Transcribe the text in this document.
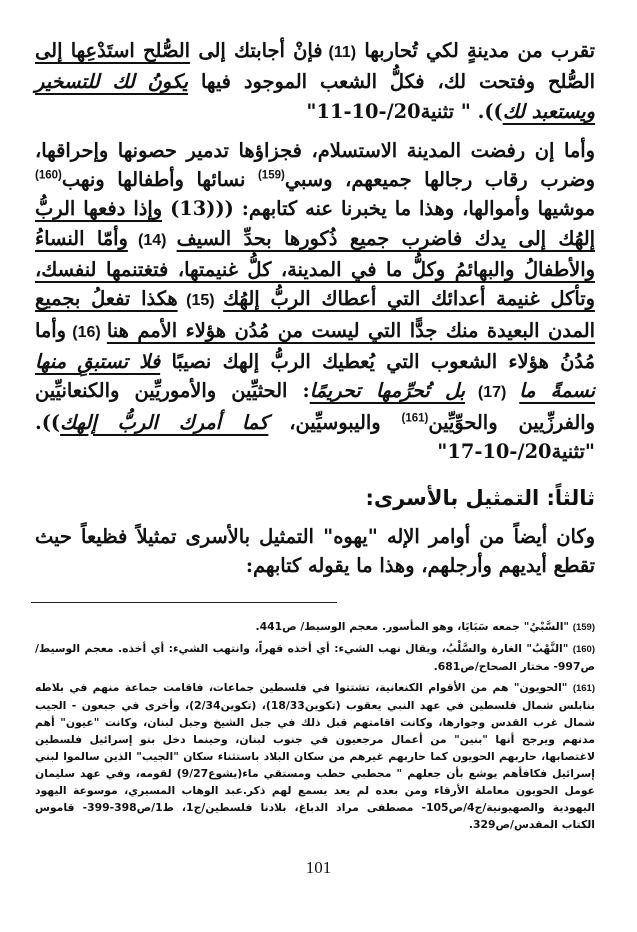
تقرب من مدينةٍ لكي تُحاربها (11) فإنْ أجابتك إلى الصُّلح استَدْعِها إلى الصُّلح وفتحت لك، فكلُّ الشعب الموجود فيها يكونُ لك للتسخير ويستعبد لك)). " تثنية20/-10-11"

وأما إن رفضت المدينة الاستسلام، فجزاؤها تدمير حصونها وإحراقها، وضرب رقاب رجالها جميعهم، وسبي$^{(159)}$ نسائها وأطفالها ونهب$^{(160)}$ موشيها وأموالها، وهذا ما يخبرنا عنه كتابهم: (((13) وإذا دفعها الربُّ إلهُك إلى يدك فاضرب جميع ذُكورها بحدِّ السيف (14) وأمّا النساءُ والأطفالُ والبهائمُ وكلُّ ما في المدينة، كلُّ غنيمتها، فتغتنمها لنفسك، وتأكل غنيمة أعدائك التي أعطاك الربُّ إلهُك (15) هكذا تفعلُ بجميع المدن البعيدة منك جدًّا التي ليست من مُدُن هؤلاء الأمم هنا (16) وأما مُدُنُ هؤلاء الشعوب التي يُعطيك الربُّ إلهك نصيبًا فلا تستبقِ منها نسمةً ما (17) بل تُحرِّمها تحريمًا: الحثيِّين والأموريِّين والكنعانيِّين والفرزِّيين والحوِّيِّين$^{(161)}$ واليبوسيِّين، كما أمرك الربُّ إلهك)). "تثنية20/-10-17"

ثالثاً: التمثيل بالأسرى:

وكان أيضاً من أوامر الإله "يهوه" التمثيل بالأسرى تمثيلاً فظيعاً حيث تقطع أيديهم وأرجلهم، وهذا ما يقوله كتابهم:

(159) "السَّبْيُ" جمعه سَبَايَا، وهو المأسور. معجم الوسيط/ ص441.

(160) "النَّهْبُ" الغارة والسَّلْبُ، ويقال نهب الشيء: أي أخذه قهراً، وانتهب الشيء: أي أخذه. معجم الوسيط/ص997- مختار الصحاح/ص681.

(161) "الحويون" هم من الأقوام الكنعانية، تشتتوا في فلسطين جماعات، فاقامت جماعة منهم في بلاطه بنابلس شمال فلسطين في عهد النبي يعقوب (تكوين18/33)، (تكوين2/34)، وأخرى في جبعون - الجيب شمال غرب القدس وجوارها، وكانت اقامتهم قبل ذلك في جبل الشيخ وجبل لبنان، وكانت "عيون" أهم مدنهم ويرجح أنها "بنين" من أعمال مرجعيون في جنوب لبنان، وحينما دخل بنو إسرائيل فلسطين لاغتصابها، حاربهم الحويون كما حاربهم غيرهم من سكان البلاد باستثناء سكان "الجيب" الذين سالموا لبني إسرائيل فكافأهم يوشع بأن جعلهم " محطبي حطب ومستقي ماء(يشوع9/27) لقومه، وفي عهد سليمان عومل الحويون معاملة الأرقاء ومن بعده لم يعد يسمع لهم ذكر.عبد الوهاب المسيري، موسوعة اليهود اليهودية والصهيونية/ج4/ص105- مصطفى مراد الدباغ، بلادنا فلسطين/ج1، ط1/ص398-399- قاموس الكتاب المقدس/ص329.

101
